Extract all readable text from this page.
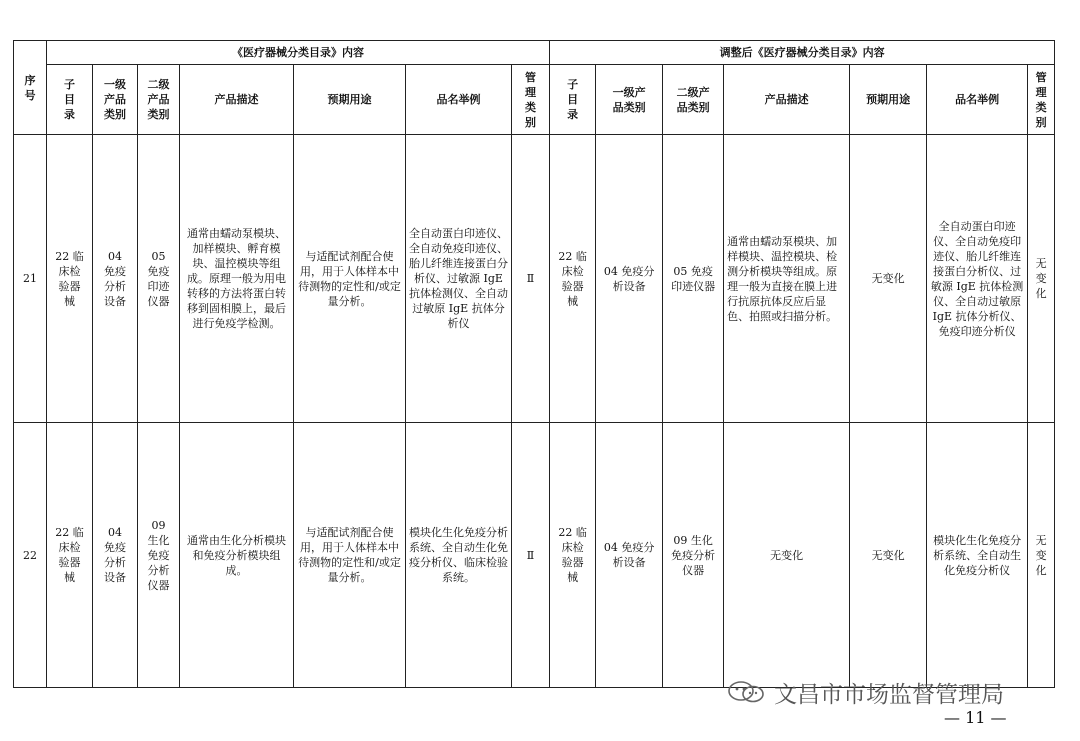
序号	《医疗器械分类目录》内容							调整后《医疗器械分类目录》内容						

	子目录	一级产品类别	二级产品类别	产品描述	预期用途	品名举例	管理类别	子目录	一级产品类别	二级产品类别	产品描述	预期用途	品名举例	管理类别

21	22 临床检验器械	04 免疫分析设备	05 免疫印迹仪器	通常由蠕动泵模块、加样模块、孵育模块、温控模块等组成。原理一般为用电转移的方法将蛋白转移到固相膜上，最后进行免疫学检测。	与适配试剂配合使用，用于人体样本中待测物的定性和/或定量分析。	全自动蛋白印迹仪、全自动免疫印迹仪、胎儿纤维连接蛋白分析仪、过敏源 IgE 抗体检测仪、全自动过敏原 IgE 抗体分析仪	Ⅱ	22 临床检验器械	04 免疫分析设备	05 免疫印迹仪器	通常由蠕动泵模块、加样模块、温控模块、检测分析模块等组成。原理一般为直接在膜上进行抗原抗体反应后显色、拍照或扫描分析。	无变化	全自动蛋白印迹仪、全自动免疫印迹仪、胎儿纤维连接蛋白分析仪、过敏源 IgE 抗体检测仪、全自动过敏原 IgE 抗体分析仪、免疫印迹分析仪	无变化

22	22 临床检验器械	04 免疫分析设备	09 生化免疫分析仪器	通常由生化分析模块和免疫分析模块组成。	与适配试剂配合使用，用于人体样本中待测物的定性和/或定量分析。	模块化生化免疫分析系统、全自动生化免疫分析仪、临床检验系统。	Ⅱ	22 临床检验器械	04 免疫分析设备	09 生化免疫分析仪器	无变化	无变化	模块化生化免疫分析系统、全自动生化免疫分析仪	无变化
文昌市市场监督管理局
— 11 —
